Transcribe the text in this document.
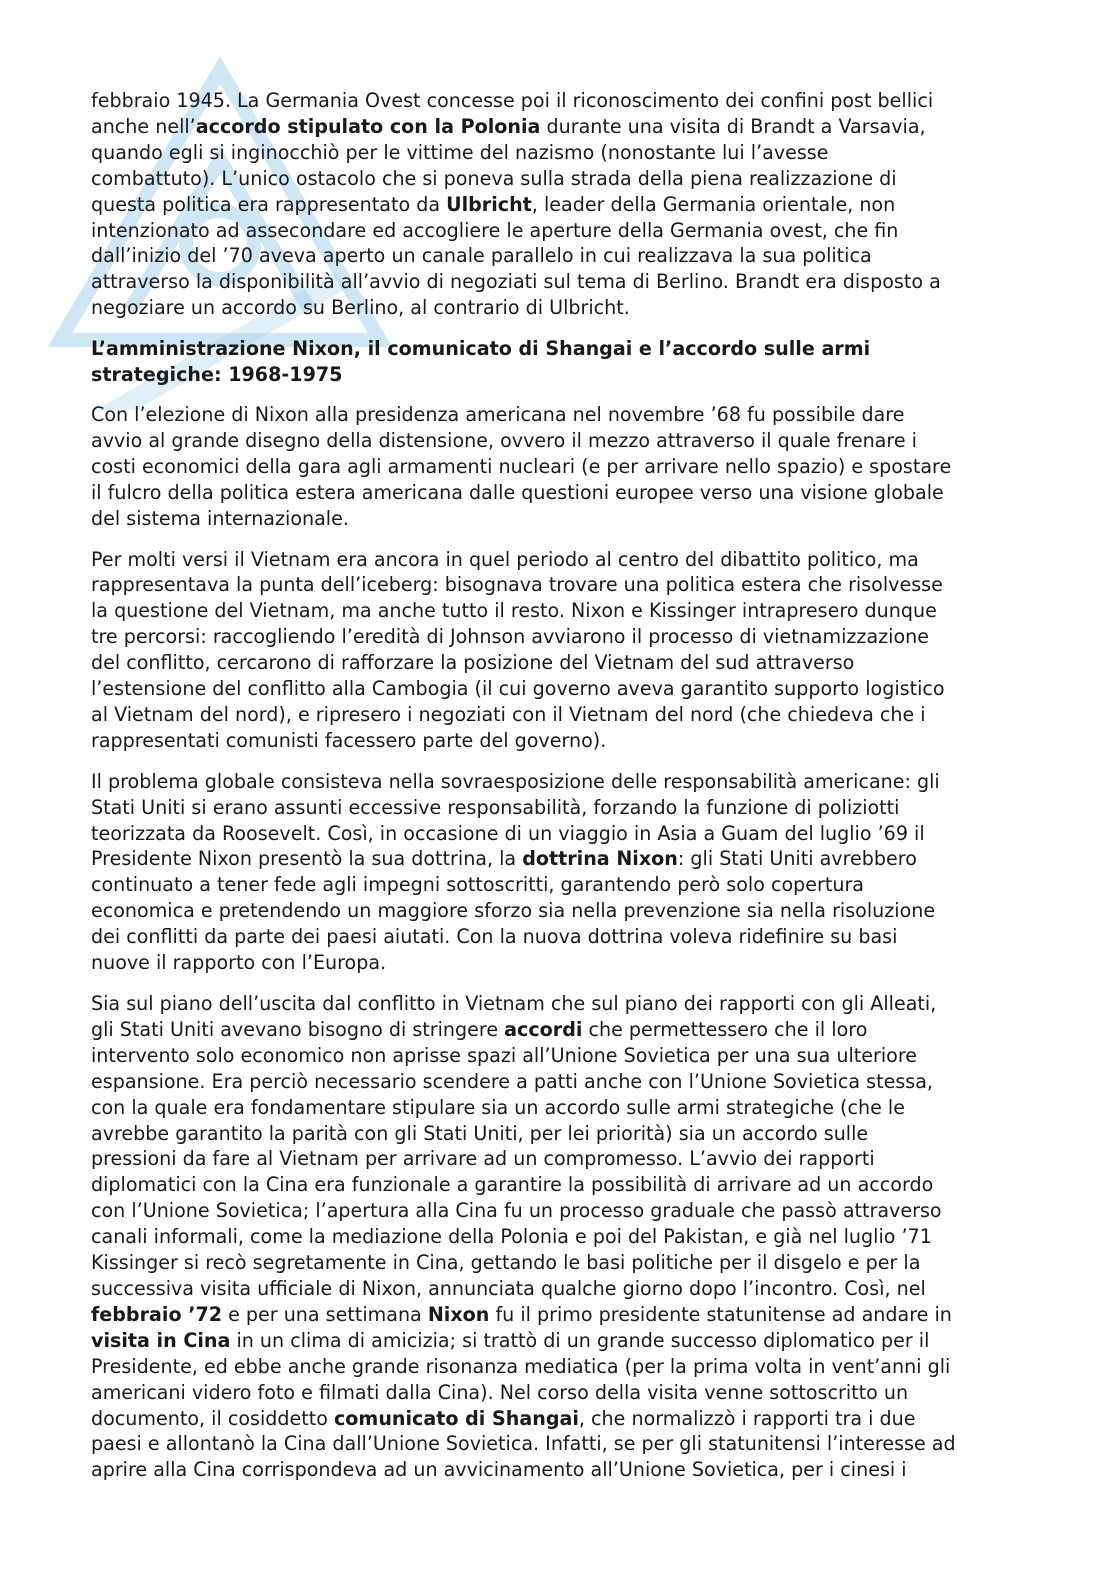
febbraio 1945. La Germania Ovest concesse poi il riconoscimento dei confini post bellici
anche nell’accordo stipulato con la Polonia durante una visita di Brandt a Varsavia,
quando egli si inginocchiò per le vittime del nazismo (nonostante lui l’avesse
combattuto). L’unico ostacolo che si poneva sulla strada della piena realizzazione di
questa politica era rappresentato da Ulbricht, leader della Germania orientale, non
intenzionato ad assecondare ed accogliere le aperture della Germania ovest, che fin
dall’inizio del ’70 aveva aperto un canale parallelo in cui realizzava la sua politica
attraverso la disponibilità all’avvio di negoziati sul tema di Berlino. Brandt era disposto a
negoziare un accordo su Berlino, al contrario di Ulbricht.
L’amministrazione Nixon, il comunicato di Shangai e l’accordo sulle armi
strategiche: 1968-1975
Con l’elezione di Nixon alla presidenza americana nel novembre ’68 fu possibile dare
avvio al grande disegno della distensione, ovvero il mezzo attraverso il quale frenare i
costi economici della gara agli armamenti nucleari (e per arrivare nello spazio) e spostare
il fulcro della politica estera americana dalle questioni europee verso una visione globale
del sistema internazionale.
Per molti versi il Vietnam era ancora in quel periodo al centro del dibattito politico, ma
rappresentava la punta dell’iceberg: bisognava trovare una politica estera che risolvesse
la questione del Vietnam, ma anche tutto il resto. Nixon e Kissinger intrapresero dunque
tre percorsi: raccogliendo l’eredità di Johnson avviarono il processo di vietnamizzazione
del conflitto, cercarono di rafforzare la posizione del Vietnam del sud attraverso
l’estensione del conflitto alla Cambogia (il cui governo aveva garantito supporto logistico
al Vietnam del nord), e ripresero i negoziati con il Vietnam del nord (che chiedeva che i
rappresentati comunisti facessero parte del governo).
Il problema globale consisteva nella sovraesposizione delle responsabilità americane: gli
Stati Uniti si erano assunti eccessive responsabilità, forzando la funzione di poliziotti
teorizzata da Roosevelt. Così, in occasione di un viaggio in Asia a Guam del luglio ’69 il
Presidente Nixon presentò la sua dottrina, la dottrina Nixon: gli Stati Uniti avrebbero
continuato a tener fede agli impegni sottoscritti, garantendo però solo copertura
economica e pretendendo un maggiore sforzo sia nella prevenzione sia nella risoluzione
dei conflitti da parte dei paesi aiutati. Con la nuova dottrina voleva ridefinire su basi
nuove il rapporto con l’Europa.
Sia sul piano dell’uscita dal conflitto in Vietnam che sul piano dei rapporti con gli Alleati,
gli Stati Uniti avevano bisogno di stringere accordi che permettessero che il loro
intervento solo economico non aprisse spazi all’Unione Sovietica per una sua ulteriore
espansione. Era perciò necessario scendere a patti anche con l’Unione Sovietica stessa,
con la quale era fondamentare stipulare sia un accordo sulle armi strategiche (che le
avrebbe garantito la parità con gli Stati Uniti, per lei priorità) sia un accordo sulle
pressioni da fare al Vietnam per arrivare ad un compromesso. L’avvio dei rapporti
diplomatici con la Cina era funzionale a garantire la possibilità di arrivare ad un accordo
con l’Unione Sovietica; l’apertura alla Cina fu un processo graduale che passò attraverso
canali informali, come la mediazione della Polonia e poi del Pakistan, e già nel luglio ’71
Kissinger si recò segretamente in Cina, gettando le basi politiche per il disgelo e per la
successiva visita ufficiale di Nixon, annunciata qualche giorno dopo l’incontro. Così, nel
febbraio ’72 e per una settimana Nixon fu il primo presidente statunitense ad andare in
visita in Cina in un clima di amicizia; si trattò di un grande successo diplomatico per il
Presidente, ed ebbe anche grande risonanza mediatica (per la prima volta in vent’anni gli
americani videro foto e filmati dalla Cina). Nel corso della visita venne sottoscritto un
documento, il cosiddetto comunicato di Shangai, che normalizzò i rapporti tra i due
paesi e allontanò la Cina dall’Unione Sovietica. Infatti, se per gli statunitensi l’interesse ad
aprire alla Cina corrispondeva ad un avvicinamento all’Unione Sovietica, per i cinesi i
